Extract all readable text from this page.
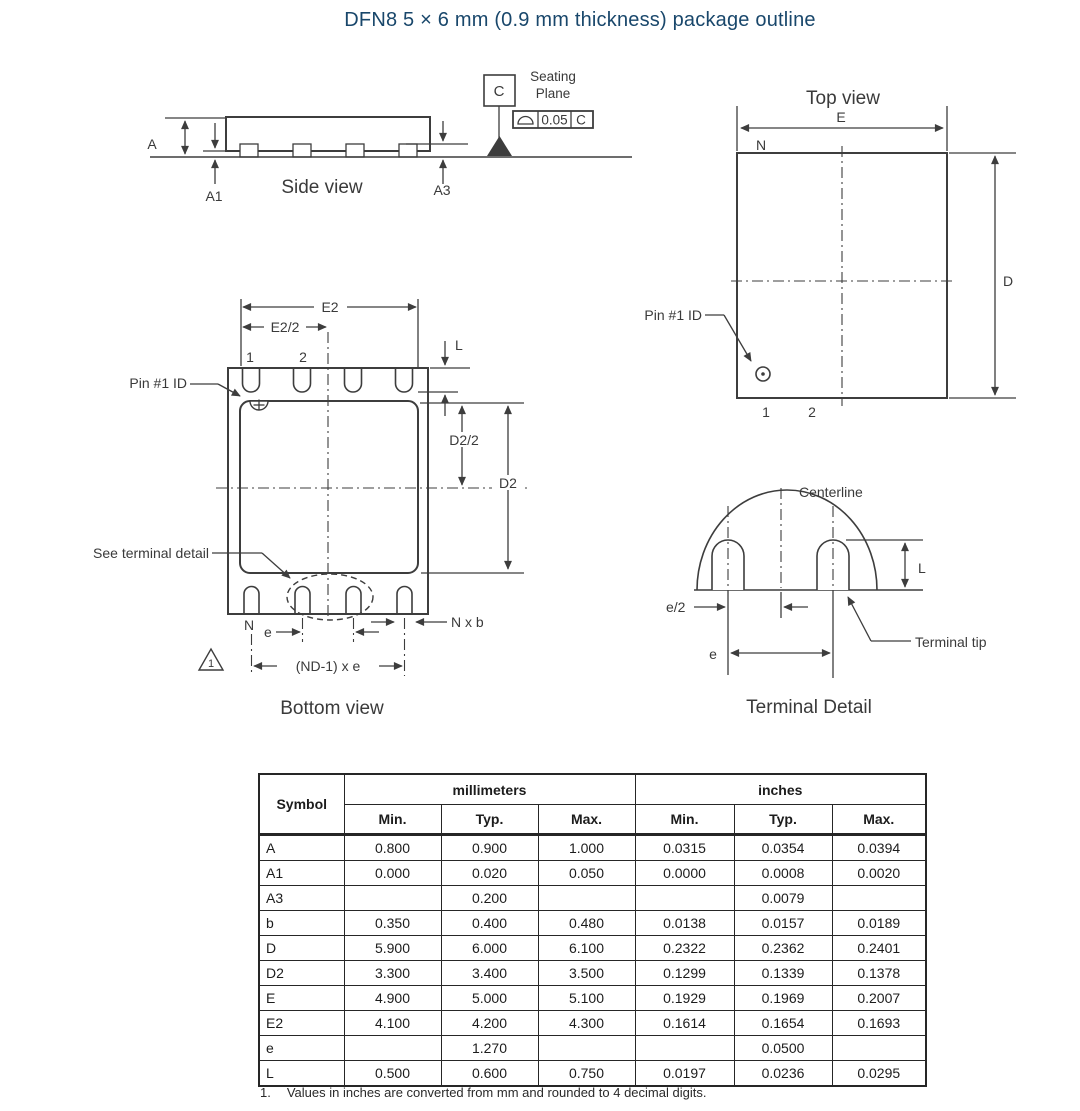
DFN8 5 × 6 mm (0.9 mm thickness) package outline
A
A1	A3
C
Seating
Plane
0.05 C
Side view
Top view
E
N
D
Pin #1 ID
1	2
E2
E2/2
1	2
Pin #1 ID
L
D2/2
D2
See terminal detail
N e
N x b
(ND-1) x e
1
Bottom view
Centerline
L
e/2
e
Terminal tip
Terminal Detail
Symbol	millimeters			inches		
	Min.	Typ.	Max.	Min.	Typ.	Max.
A	0.800	0.900	1.000	0.0315	0.0354	0.0394
A1	0.000	0.020	0.050	0.0000	0.0008	0.0020
A3		0.200			0.0079	
b	0.350	0.400	0.480	0.0138	0.0157	0.0189
D	5.900	6.000	6.100	0.2322	0.2362	0.2401
D2	3.300	3.400	3.500	0.1299	0.1339	0.1378
E	4.900	5.000	5.100	0.1929	0.1969	0.2007
E2	4.100	4.200	4.300	0.1614	0.1654	0.1693
e		1.270			0.0500	
L	0.500	0.600	0.750	0.0197	0.0236	0.0295
1. Values in inches are converted from mm and rounded to 4 decimal digits.
